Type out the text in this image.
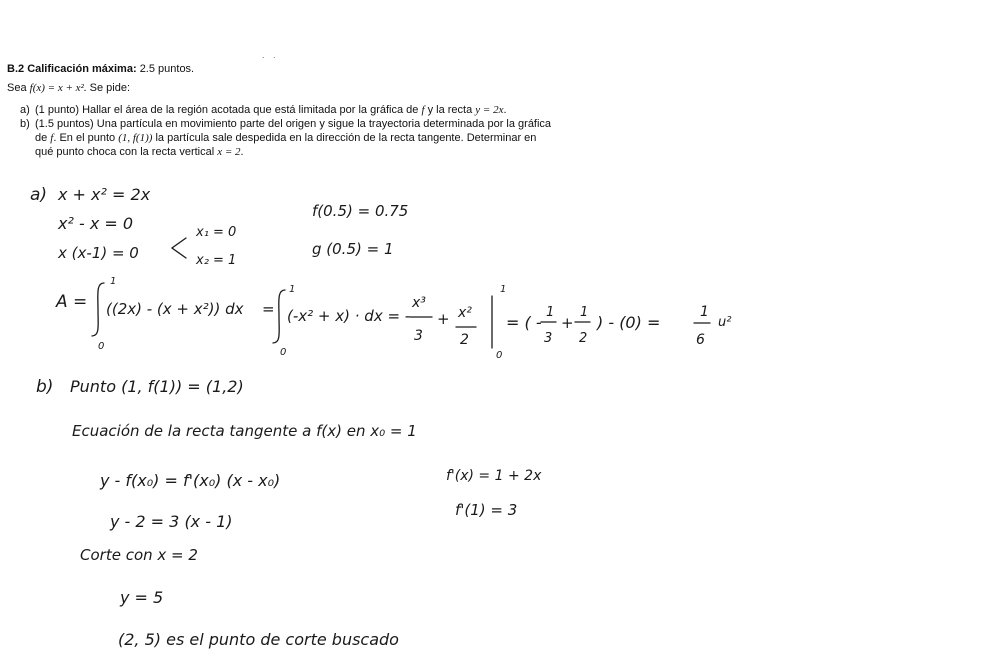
. .
B.2 Calificación máxima: 2.5 puntos.
Sea f(x) = x + x². Se pide:
a) (1 punto) Hallar el área de la región acotada que está limitada por la gráfica de f y la recta y = 2x.
b) (1.5 puntos) Una partícula en movimiento parte del origen y sigue la trayectoria determinada por la gráfica
de f. En el punto (1, f(1)) la partícula sale despedida en la dirección de la recta tangente. Determinar en
qué punto choca con la recta vertical x = 2.
a) x + x² = 2x
x² - x = 0
x (x-1) = 0
x₁ = 0
x₂ = 1
f(0.5) = 0.75
g (0.5) = 1
A =
1
0
((2x) - (x + x²)) dx =
1
0
(-x² + x) · dx = -
x³
3
+ x²
2
1
0
= ( -
1
3
+
1
2
) - (0) =
1
6
u²
b) Punto (1, f(1)) = (1,2)
Ecuación de la recta tangente a f(x) en x₀ = 1
y - f(x₀) = f'(x₀) (x - x₀)	f'(x) = 1 + 2x
y - 2 = 3 (x - 1)
f'(1) = 3
Corte con x = 2
y = 5
(2, 5) es el punto de corte buscado
